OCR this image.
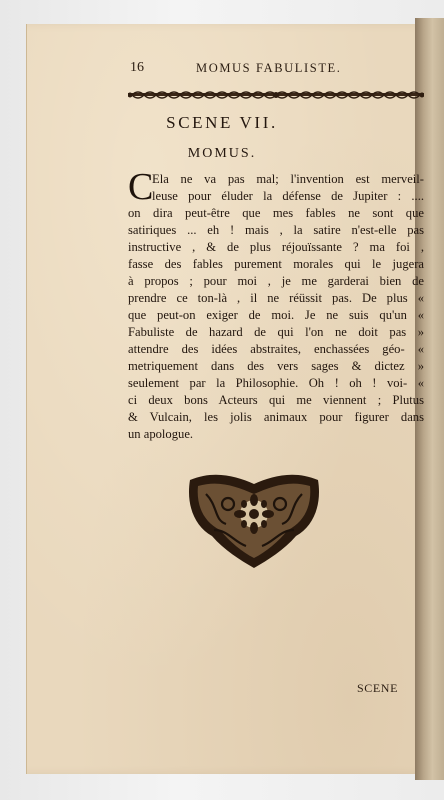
16	MOMUS FABULISTE.
SCENE VII.
MOMUS.
C
Ela ne va pas mal; l'invention est merveil-
leuse pour éluder la défense de Jupiter : ....
on dira peut-être que mes fables ne sont que
satiriques ... eh ! mais , la satire n'est-elle pas
instructive , & de plus réjouïssante ? ma foi ,
fasse des fables purement morales qui le jugera
à propos ; pour moi , je me garderai bien de
prendre ce ton-là , il ne réüssit pas. De plus «
que peut-on exiger de moi. Je ne suis qu'un «
Fabuliste de hazard de qui l'on ne doit pas »
attendre des idées abstraites, enchassées géo- «
metriquement dans des vers sages & dictez »
seulement par la Philosophie. Oh ! oh ! voi- «
ci deux bons Acteurs qui me viennent ; Plutus
& Vulcain, les jolis animaux pour figurer dans
un apologue.
SCENE
